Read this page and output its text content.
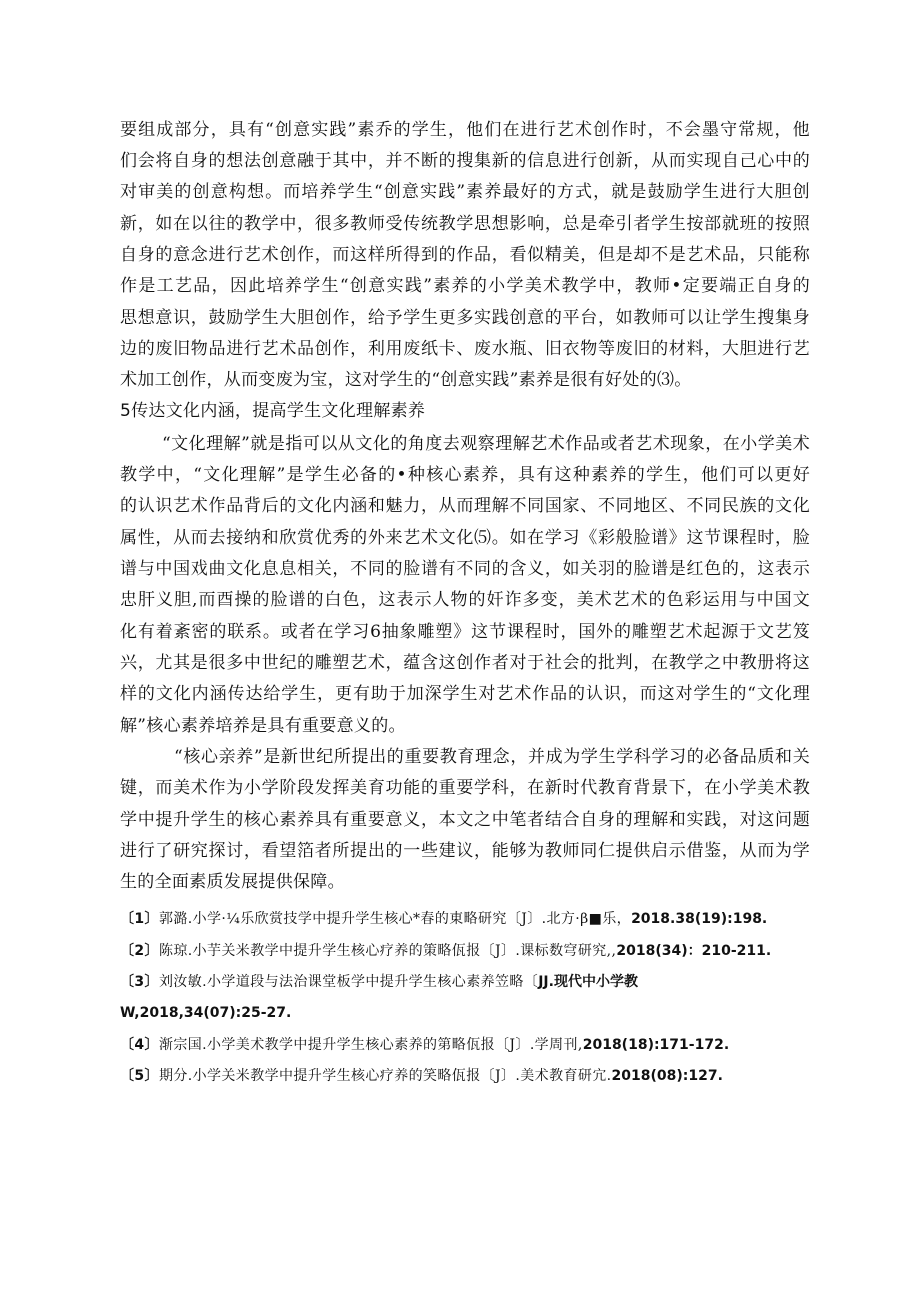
要组成部分，具有“创意实践”素乔的学生，他们在进行艺术创作时，不会墨守常规，他
们会将自身的想法创意融于其中，并不断的搜集新的信息进行创新，从而实现自己心中的
对审美的创意构想。而培养学生“创意实践”素养最好的方式，就是鼓励学生进行大胆创
新，如在以往的教学中，很多教师受传统教学思想影响，总是牵引者学生按部就班的按照
自身的意念进行艺术创作，而这样所得到的作品，看似精美，但是却不是艺术品，只能称
作是工艺品，因此培养学生“创意实践”素养的小学美术教学中，教师•定要端正自身的
思想意识，鼓励学生大胆创作，给予学生更多实践创意的平台，如教师可以让学生搜集身
边的废旧物品进行艺术品创作，利用废纸卡、废水瓶、旧衣物等废旧的材料，大胆进行艺
术加工创作，从而变废为宝，这对学生的“创意实践”素养是很有好处的⑶。
5传达文化内涵，提高学生文化理解素养
“文化理解”就是指可以从文化的角度去观察理解艺术作品或者艺术现象，在小学美术
教学中，“文化理解”是学生必备的•种核心素养，具有这种素养的学生，他们可以更好
的认识艺术作品背后的文化内涵和魅力，从而理解不同国家、不同地区、不同民族的文化
属性，从而去接纳和欣赏优秀的外来艺术文化⑸。如在学习《彩般脸谱》这节课程时，脸
谱与中国戏曲文化息息相关，不同的脸谱有不同的含义，如关羽的脸谱是红色的，这表示
忠肝义胆,而酉操的脸谱的白色，这表示人物的奸诈多变，美术艺术的色彩运用与中国文
化有着紊密的联系。或者在学习6抽象雕塑》这节课程时，国外的雕塑艺术起源于文艺笈
兴，尤其是很多中世纪的雕塑艺术，蕴含这创作者对于社会的批判，在教学之中教册将这
样的文化内涵传达给学生，更有助于加深学生对艺术作品的认识，而这对学生的“文化理
解”核心素养培养是具有重要意义的。
“核心亲养”是新世纪所提出的重要教育理念，并成为学生学科学习的必备品质和关
键，而美术作为小学阶段发挥美育功能的重要学科，在新时代教育背景下，在小学美术教
学中提升学生的核心素养具有重要意义，本文之中笔者结合自身的理解和实践，对这问题
进行了研究探讨，看望箔者所提出的一些建议，能够为教师同仁提供启示借鉴，从而为学
生的全面素质发展提供保障。
〔1〕郭潞.小学·¼乐欣赏技学中提升学生核心*春的東略研究〔J〕.北方·β■乐，2018.38(19):198.
〔2〕陈琼.小芋关米教学中提升学生核心疗养的策略佤报〔J〕.课标数穹研究,,2018(34)：210-211.
〔3〕刘汝敏.小学道段与法治课堂板学中提升学生核心素养笠略〔JJ.现代中小学教
W,2018,34(07):25-27.
〔4〕渐宗国.小学美术教学中提升学生核心素养的第略佤报〔J〕.学周刊,2018(18):171-172.
〔5〕期分.小学关米教学中提升学生核心疗养的笑略佤报〔J〕.美术教育研宂.2018(08):127.
